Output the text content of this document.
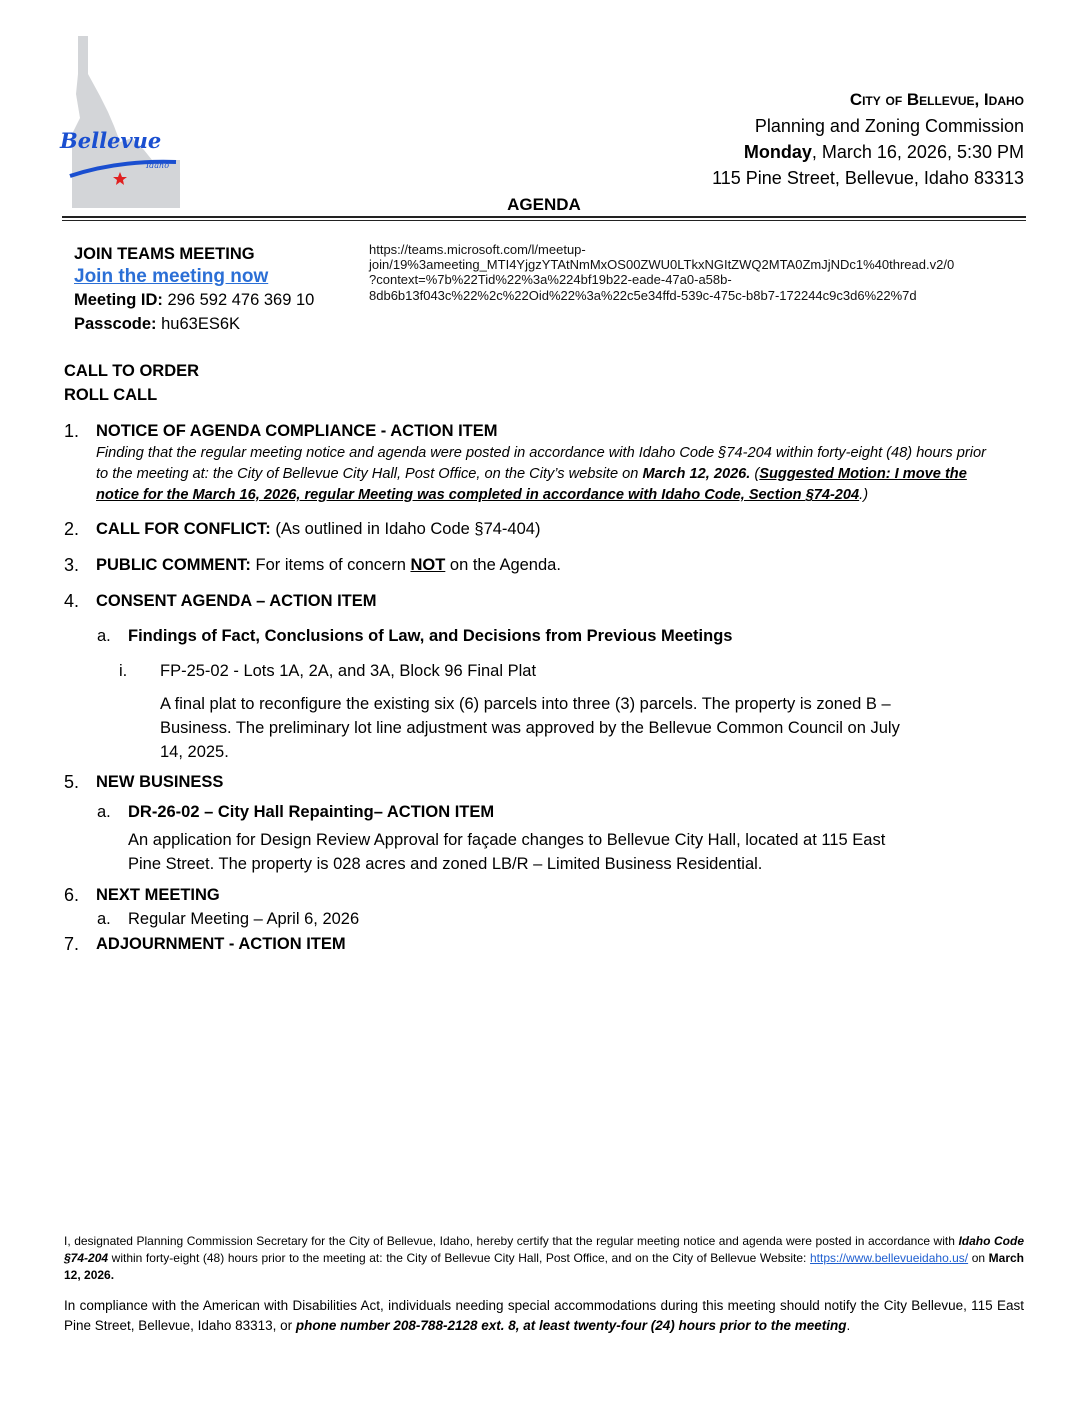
Bellevue
Idaho
City of Bellevue, Idaho
Planning and Zoning Commission
Monday, March 16, 2026, 5:30 PM
115 Pine Street, Bellevue, Idaho 83313
AGENDA
JOIN TEAMS MEETING
Join the meeting now
Meeting ID: 296 592 476 369 10
Passcode: hu63ES6K
https://teams.microsoft.com/l/meetup-
join/19%3ameeting_MTI4YjgzYTAtNmMxOS00ZWU0LTkxNGItZWQ2MTA0ZmJjNDc1%40thread.v2/0
?context=%7b%22Tid%22%3a%224bf19b22-eade-47a0-a58b-
8db6b13f043c%22%2c%22Oid%22%3a%22c5e34ffd-539c-475c-b8b7-172244c9c3d6%22%7d
CALL TO ORDER
ROLL CALL
1. NOTICE OF AGENDA COMPLIANCE - ACTION ITEM
Finding that the regular meeting notice and agenda were posted in accordance with Idaho Code §74-204 within forty-eight (48) hours prior to the meeting at: the City of Bellevue City Hall, Post Office, on the City’s website on March 12, 2026. (Suggested Motion: I move the notice for the March 16, 2026, regular Meeting was completed in accordance with Idaho Code, Section §74-204.)
2. CALL FOR CONFLICT: (As outlined in Idaho Code §74-404)
3. PUBLIC COMMENT: For items of concern NOT on the Agenda.
4. CONSENT AGENDA – ACTION ITEM
a. Findings of Fact, Conclusions of Law, and Decisions from Previous Meetings
i. FP-25-02 - Lots 1A, 2A, and 3A, Block 96 Final Plat
A final plat to reconfigure the existing six (6) parcels into three (3) parcels. The property is zoned B –
Business. The preliminary lot line adjustment was approved by the Bellevue Common Council on July
14, 2025.
5. NEW BUSINESS
a. DR-26-02 – City Hall Repainting– ACTION ITEM
An application for Design Review Approval for façade changes to Bellevue City Hall, located at 115 East
Pine Street. The property is 028 acres and zoned LB/R – Limited Business Residential.
6. NEXT MEETING
a. Regular Meeting – April 6, 2026
7. ADJOURNMENT - ACTION ITEM
I, designated Planning Commission Secretary for the City of Bellevue, Idaho, hereby certify that the regular meeting notice and agenda were posted in accordance with Idaho Code §74-204 within forty-eight (48) hours prior to the meeting at: the City of Bellevue City Hall, Post Office, and on the City of Bellevue Website: https://www.bellevueidaho.us/ on March 12, 2026.
In compliance with the American with Disabilities Act, individuals needing special accommodations during this meeting should notify the City Bellevue, 115 East Pine Street, Bellevue, Idaho 83313, or phone number 208-788-2128 ext. 8, at least twenty-four (24) hours prior to the meeting.
